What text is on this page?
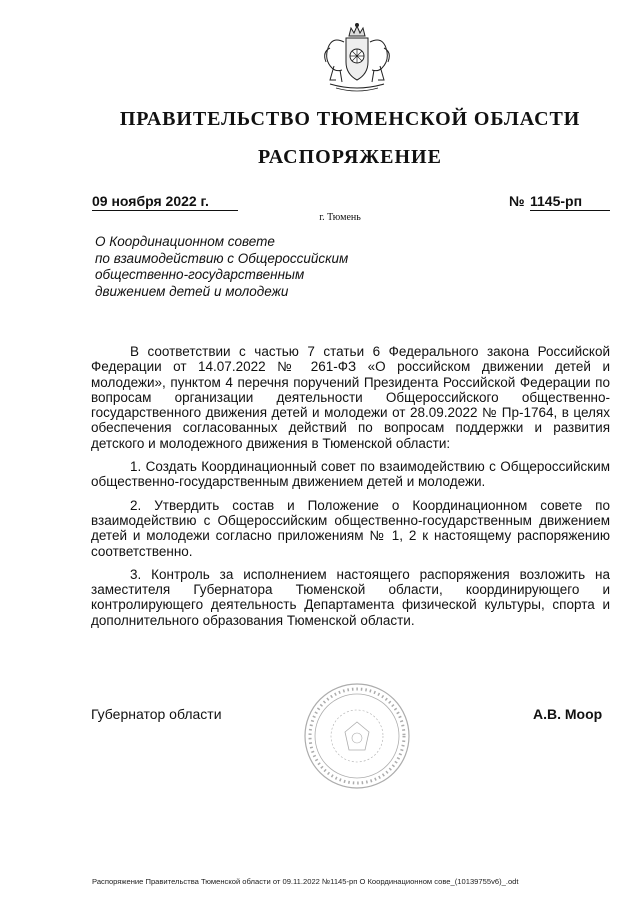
ПРАВИТЕЛЬСТВО ТЮМЕНСКОЙ ОБЛАСТИ
РАСПОРЯЖЕНИЕ
09 ноября 2022 г.	№ 1145-рп
г. Тюмень
О Координационном совете
по взаимодействию с Общероссийским
общественно-государственным
движением детей и молодежи

В соответствии с частью 7 статьи 6 Федерального закона Российской Федерации от 14.07.2022 № 261-ФЗ «О российском движении детей и молодежи», пунктом 4 перечня поручений Президента Российской Федерации по вопросам организации деятельности Общероссийского общественно-государственного движения детей и молодежи от 28.09.2022 № Пр-1764, в целях обеспечения согласованных действий по вопросам поддержки и развития детского и молодежного движения в Тюменской области:

1. Создать Координационный совет по взаимодействию с Общероссийским общественно-государственным движением детей и молодежи.

2. Утвердить состав и Положение о Координационном совете по взаимодействию с Общероссийским общественно-государственным движением детей и молодежи согласно приложениям № 1, 2 к настоящему распоряжению соответственно.

3. Контроль за исполнением настоящего распоряжения возложить на заместителя Губернатора Тюменской области, координирующего и контролирующего деятельность Департамента физической культуры, спорта и дополнительного образования Тюменской области.

Губернатор области	А.В. Моор
Распоряжение Правительства Тюменской области от 09.11.2022 №1145-рп О Координационном сове_(10139755v6)_.odt
